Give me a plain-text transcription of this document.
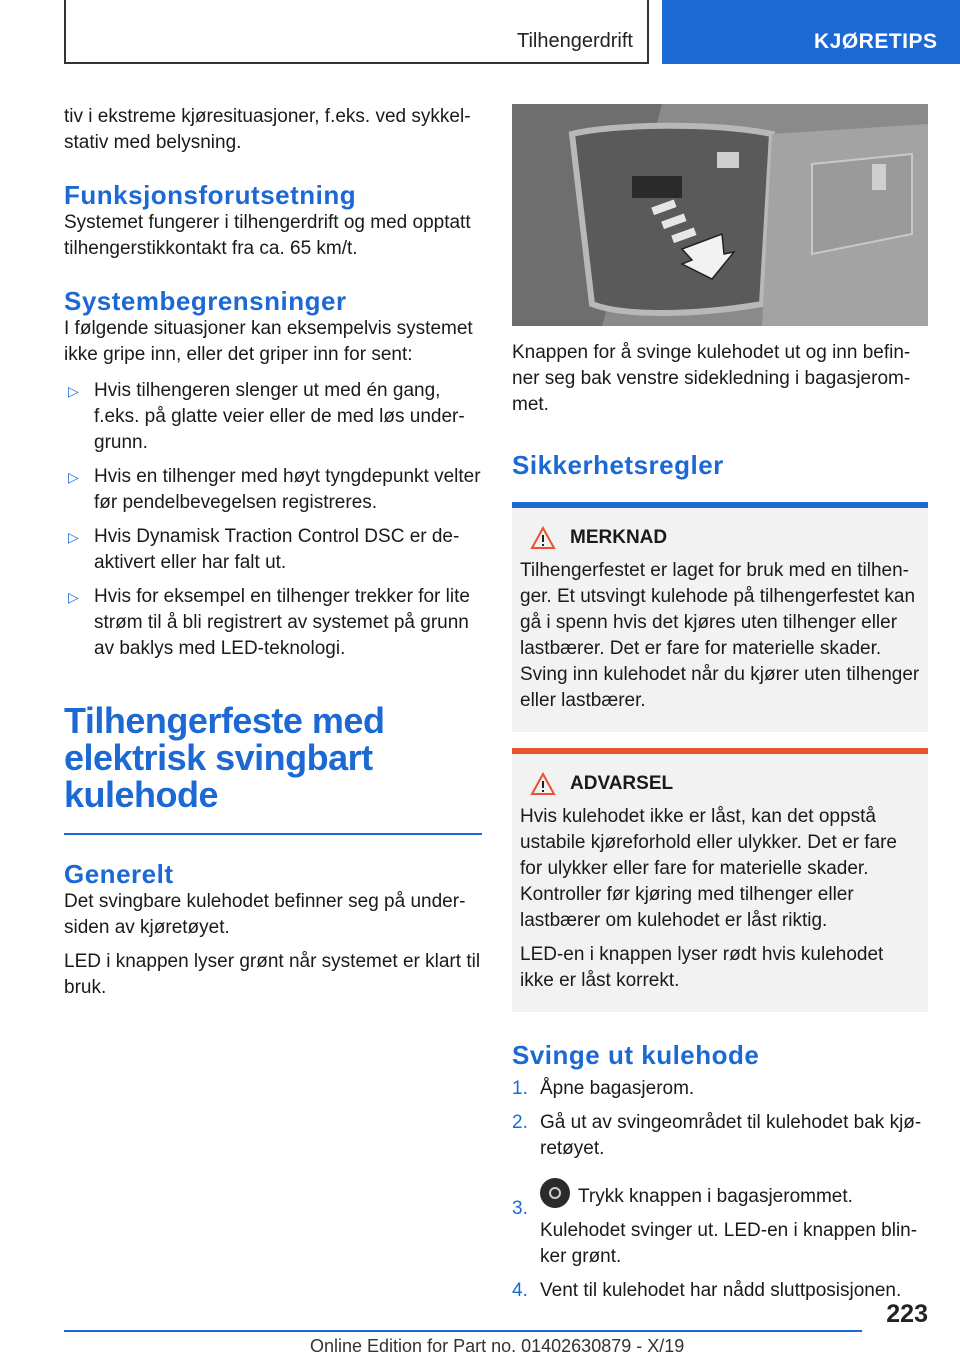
Tilhengerdrift	KJØRETIPS

tiv i ekstreme kjøresituasjoner, f.eks. ved sykkelstativ med belysning.

Funksjonsforutsetning

Systemet fungerer i tilhengerdrift og med opptatt tilhengerstikkontakt fra ca. 65 km/t.

Systembegrensninger

I følgende situasjoner kan eksempelvis systemet ikke gripe inn, eller det griper inn for sent:

▷ Hvis tilhengeren slenger ut med én gang, f.eks. på glatte veier eller de med løs undergrunn.
▷ Hvis en tilhenger med høyt tyngdepunkt velter før pendelbevegelsen registreres.
▷ Hvis Dynamisk Traction Control DSC er deaktivert eller har falt ut.
▷ Hvis for eksempel en tilhenger trekker for lite strøm til å bli registrert av systemet på grunn av baklys med LED-teknologi.
Tilhengerfeste med elektrisk svingbart kulehode
Generelt

Det svingbare kulehodet befinner seg på undersiden av kjøretøyet.

LED i knappen lyser grønt når systemet er klart til bruk.

Knappen for å svinge kulehodet ut og inn befinner seg bak venstre sidekledning i bagasjerommet.

Sikkerhetsregler
MERKNAD

Tilhengerfestet er laget for bruk med en tilhenger. Et utsvingt kulehode på tilhengerfestet kan gå i spenn hvis det kjøres uten tilhenger eller lastbærer. Det er fare for materielle skader. Sving inn kulehodet når du kjører uten tilhenger eller lastbærer.

ADVARSEL

Hvis kulehodet ikke er låst, kan det oppstå ustabile kjøreforhold eller ulykker. Det er fare for ulykker eller fare for materielle skader. Kontroller før kjøring med tilhenger eller lastbærer om kulehodet er låst riktig.

LED-en i knappen lyser rødt hvis kulehodet ikke er låst korrekt.

Svinge ut kulehode
1. Åpne bagasjerom.
2. Gå ut av svingeområdet til kulehodet bak kjøretøyet.
3.
Trykk knappen i bagasjerommet.
Kulehodet svinger ut. LED-en i knappen blinker grønt.
4. Vent til kulehodet har nådd sluttposisjonen.
223
Online Edition for Part no. 01402630879 - X/19
